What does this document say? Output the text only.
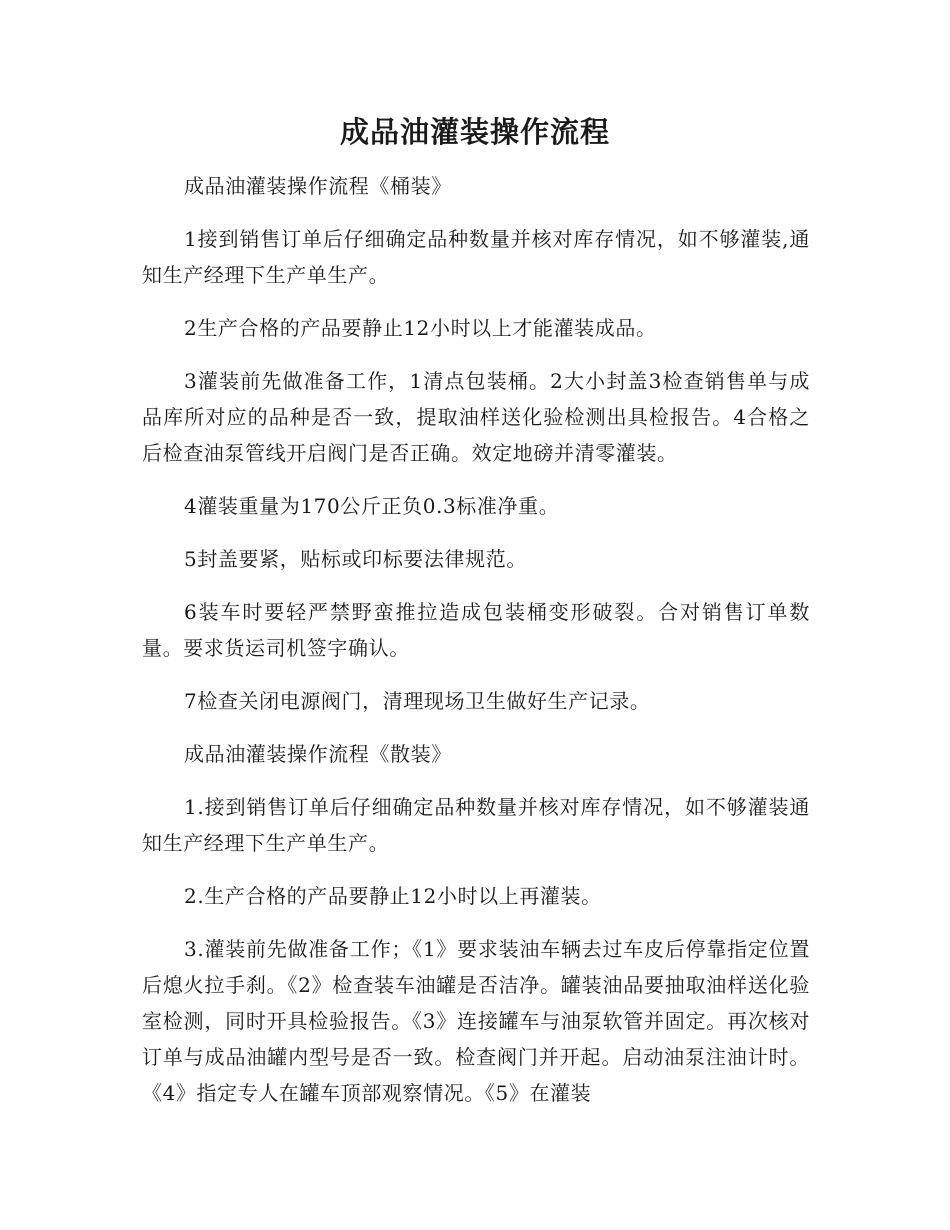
成品油灌装操作流程

成品油灌装操作流程《桶装》

1接到销售订单后仔细确定品种数量并核对库存情况，如不够灌装,通知生产经理下生产单生产。

2生产合格的产品要静止12小时以上才能灌装成品。

3灌装前先做准备工作，1清点包装桶。2大小封盖3检查销售单与成品库所对应的品种是否一致，提取油样送化验检测出具检报告。4合格之后检查油泵管线开启阀门是否正确。效定地磅并清零灌装。

4灌装重量为170公斤正负0.3标准净重。

5封盖要紧，贴标或印标要法律规范。

6装车时要轻严禁野蛮推拉造成包装桶变形破裂。合对销售订单数量。要求货运司机签字确认。

7检查关闭电源阀门，清理现场卫生做好生产记录。

成品油灌装操作流程《散装》

1.接到销售订单后仔细确定品种数量并核对库存情况，如不够灌装通知生产经理下生产单生产。

2.生产合格的产品要静止12小时以上再灌装。

3.灌装前先做准备工作；《1》要求装油车辆去过车皮后停靠指定位置后熄火拉手刹。《2》检查装车油罐是否洁净。罐装油品要抽取油样送化验室检测，同时开具检验报告。《3》连接罐车与油泵软管并固定。再次核对订单与成品油罐内型号是否一致。检查阀门并开起。启动油泵注油计时。《4》指定专人在罐车顶部观察情况。《5》在灌装
